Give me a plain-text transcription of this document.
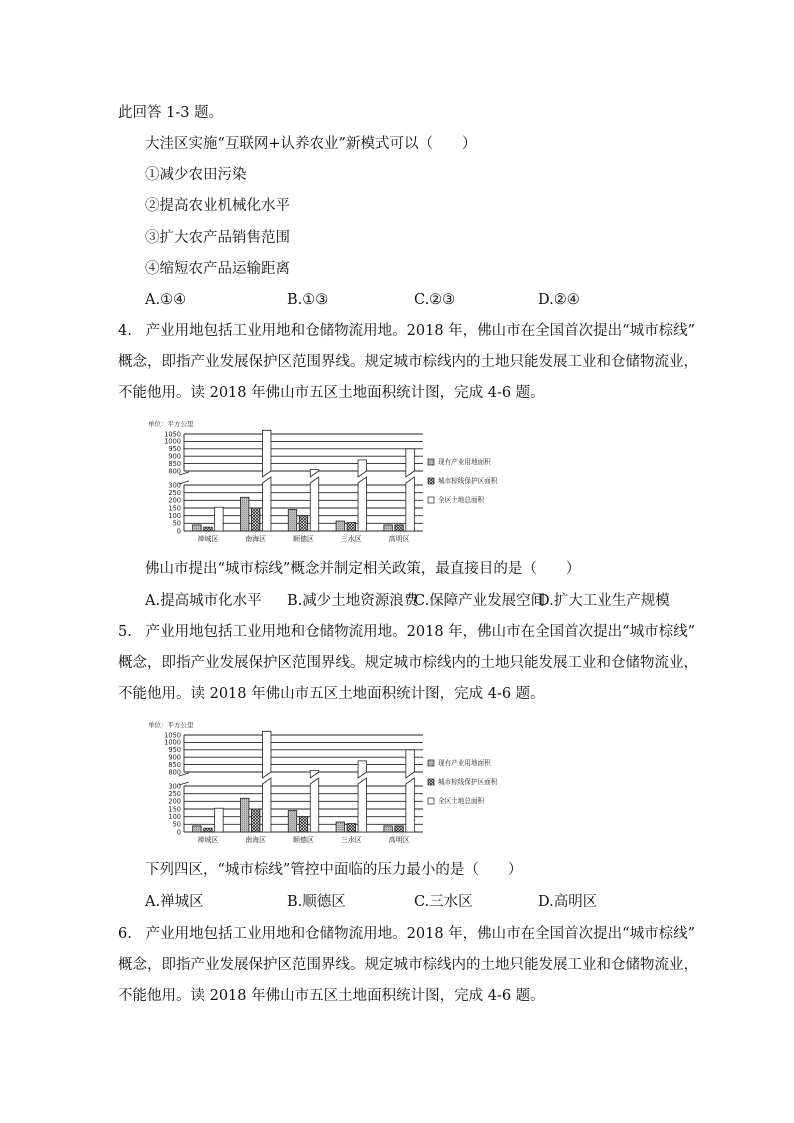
此回答 1-3 题。
大洼区实施“互联网+认养农业”新模式可以（　　）
①减少农田污染
②提高农业机械化水平
③扩大农产品销售范围
④缩短农产品运输距离
A.①④	B.①③	C.②③	D.②④
4. 产业用地包括工业用地和仓储物流用地。2018 年，佛山市在全国首次提出“城市棕线”
概念，即指产业发展保护区范围界线。规定城市棕线内的土地只能发展工业和仓储物流业，
不能他用。读 2018 年佛山市五区土地面积统计图，完成 4-6 题。
单位：平方公里
800
850
900
950
1000
1050
0
50
100
150
200
250
300
禅城区	南海区	顺德区	三水区	高明区
现有产业用地面积
城市棕线保护区面积
全区土地总面积
佛山市提出“城市棕线”概念并制定相关政策，最直接目的是（　　）
A.提高城市化水平 B.减少土地资源浪费
C.保障产业发展空间
D.扩大工业生产规模
5. 产业用地包括工业用地和仓储物流用地。2018 年，佛山市在全国首次提出“城市棕线”
概念，即指产业发展保护区范围界线。规定城市棕线内的土地只能发展工业和仓储物流业，
不能他用。读 2018 年佛山市五区土地面积统计图，完成 4-6 题。
单位：平方公里
800
850
900
950
1000
1050
0
50
100
150
200
250
300
禅城区	南海区	顺德区	三水区	高明区
现有产业用地面积
城市棕线保护区面积
全区土地总面积
下列四区，“城市棕线”管控中面临的压力最小的是（　　）
A.禅城区	B.顺德区	C.三水区	D.高明区
6. 产业用地包括工业用地和仓储物流用地。2018 年，佛山市在全国首次提出“城市棕线”
概念，即指产业发展保护区范围界线。规定城市棕线内的土地只能发展工业和仓储物流业，
不能他用。读 2018 年佛山市五区土地面积统计图，完成 4-6 题。
